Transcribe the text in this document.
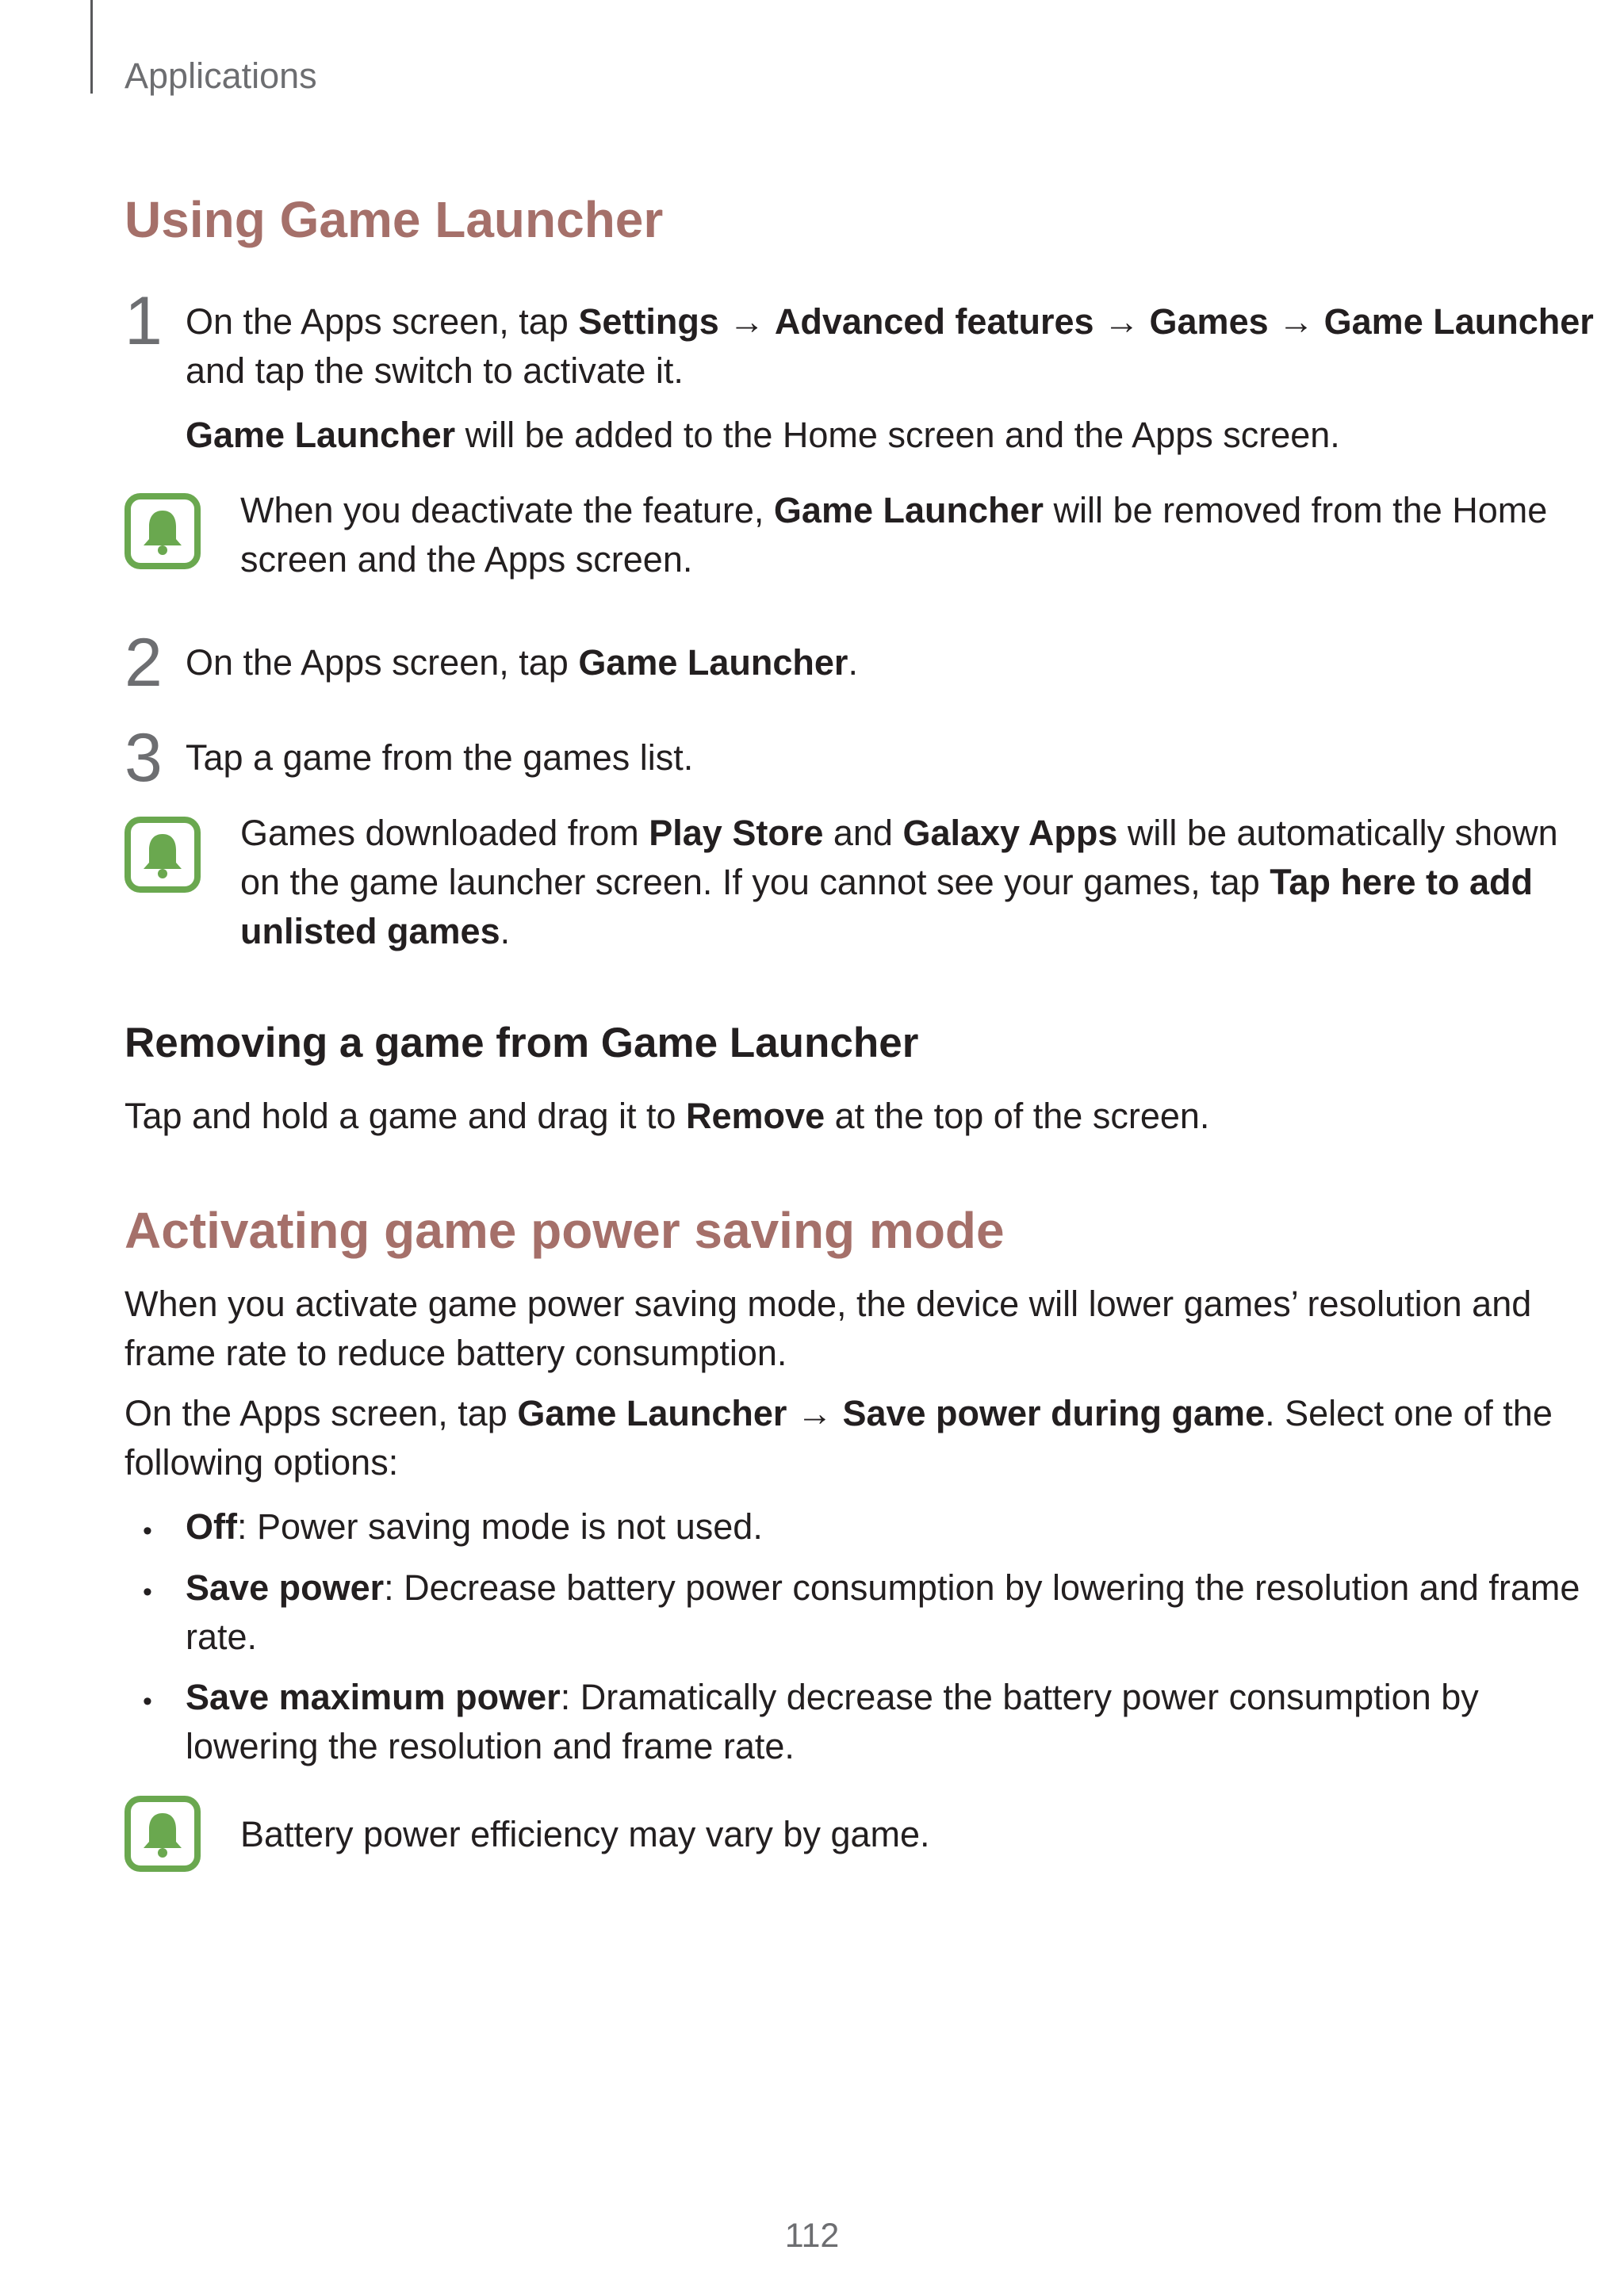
Applications
Using Game Launcher
1 On the Apps screen, tap Settings → Advanced features → Games → Game Launcher

and tap the switch to activate it.

Game Launcher will be added to the Home screen and the Apps screen.

When you deactivate the feature, Game Launcher will be removed from the Home

screen and the Apps screen.

2 On the Apps screen, tap Game Launcher.

3 Tap a game from the games list.

Games downloaded from Play Store and Galaxy Apps will be automatically shown

on the game launcher screen. If you cannot see your games, tap Tap here to add

unlisted games.

Removing a game from Game Launcher

Tap and hold a game and drag it to Remove at the top of the screen.

Activating game power saving mode

When you activate game power saving mode, the device will lower games’ resolution and

frame rate to reduce battery consumption.

On the Apps screen, tap Game Launcher → Save power during game. Select one of the

following options:

• Off: Power saving mode is not used.

• Save power: Decrease battery power consumption by lowering the resolution and frame

rate.

• Save maximum power: Dramatically decrease the battery power consumption by

lowering the resolution and frame rate.

Battery power efficiency may vary by game.

112
